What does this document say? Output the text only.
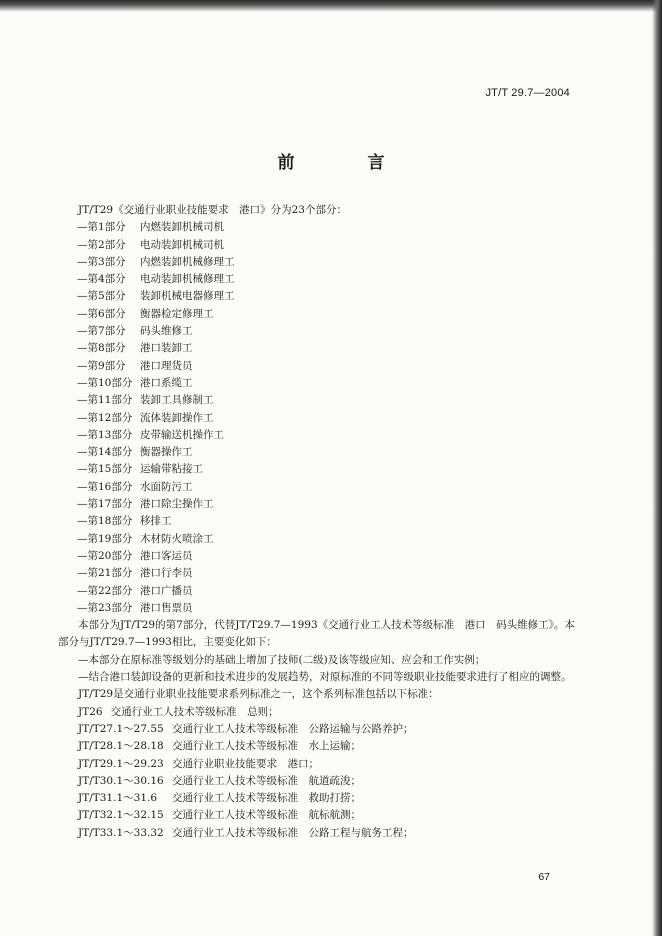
JT/T 29.7—2004
前　言
JT/T29《交通行业职业技能要求　港口》分为23个部分：
—第1部分 内燃装卸机械司机
—第2部分 电动装卸机械司机
—第3部分 内燃装卸机械修理工
—第4部分 电动装卸机械修理工
—第5部分 装卸机械电器修理工
—第6部分 衡器检定修理工
—第7部分 码头维修工
—第8部分 港口装卸工
—第9部分 港口理货员
—第10部分 港口系缆工
—第11部分 装卸工具修制工
—第12部分 流体装卸操作工
—第13部分 皮带输送机操作工
—第14部分 衡器操作工
—第15部分 运输带粘接工
—第16部分 水面防污工
—第17部分 港口除尘操作工
—第18部分 移排工
—第19部分 木材防火喷涂工
—第20部分 港口客运员
—第21部分 港口行李员
—第22部分 港口广播员
—第23部分 港口售票员
本部分为JT/T29的第7部分，代替JT/T29.7—1993《交通行业工人技术等级标准　港口　码头维修工》。本部分与JT/T29.7—1993相比，主要变化如下：
—本部分在原标准等级划分的基础上增加了技师(二级)及该等级应知、应会和工作实例；
—结合港口装卸设备的更新和技术进步的发展趋势，对原标准的不同等级职业技能要求进行了相应的调整。
JT/T29是交通行业职业技能要求系列标准之一，这个系列标准包括以下标准：
JT26 交通行业工人技术等级标准　总则；
JT/T27.1～27.55 交通行业工人技术等级标准　公路运输与公路养护；
JT/T28.1～28.18 交通行业工人技术等级标准　水上运输；
JT/T29.1～29.23 交通行业职业技能要求　港口；
JT/T30.1～30.16 交通行业工人技术等级标准　航道疏浚；
JT/T31.1～31.6 交通行业工人技术等级标准　救助打捞；
JT/T32.1～32.15 交通行业工人技术等级标准　航标航测；
JT/T33.1～33.32 交通行业工人技术等级标准　公路工程与航务工程；
67
